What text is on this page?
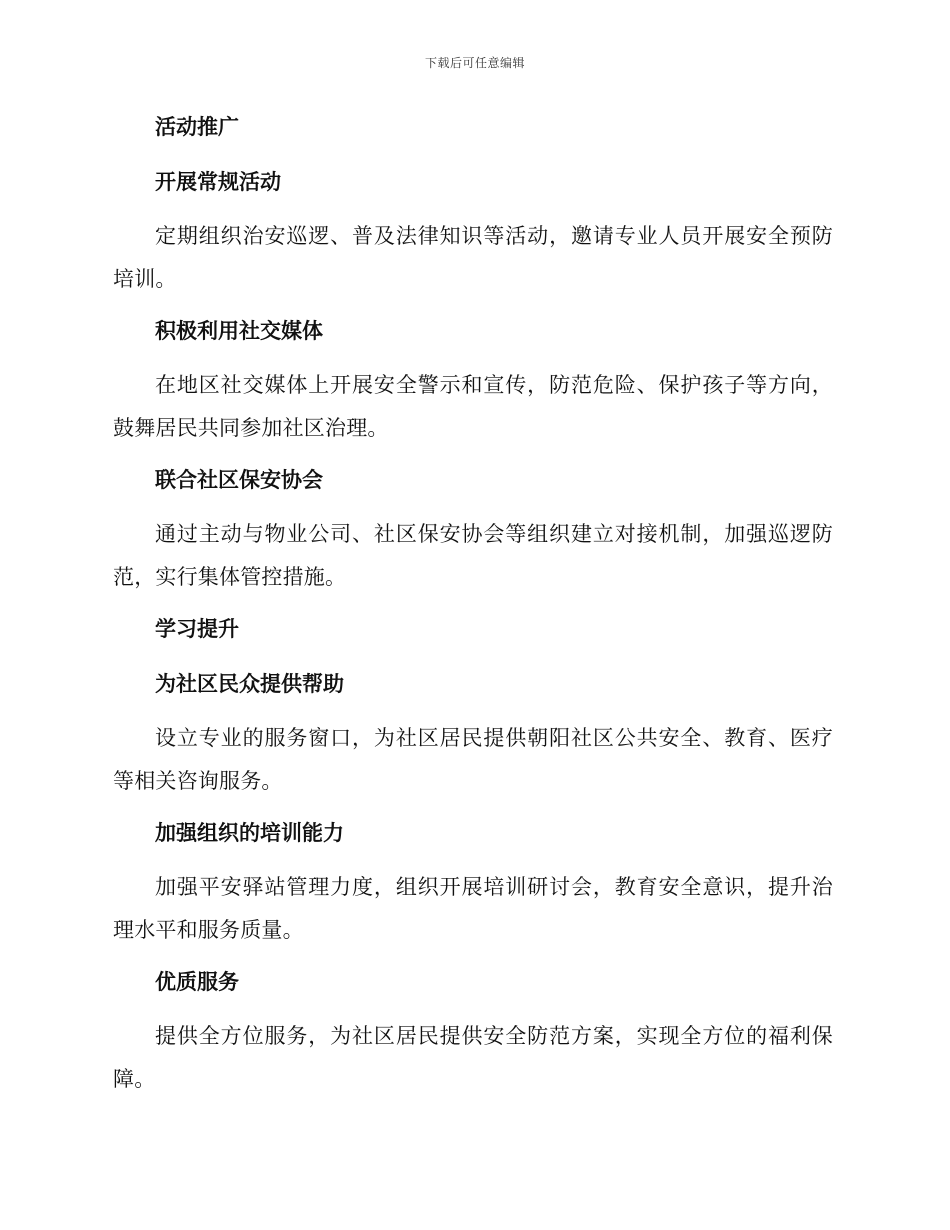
下载后可任意编辑
活动推广
开展常规活动

定期组织治安巡逻、普及法律知识等活动，邀请专业人员开展安全预防培训。

积极利用社交媒体

在地区社交媒体上开展安全警示和宣传，防范危险、保护孩子等方向，鼓舞居民共同参加社区治理。

联合社区保安协会

通过主动与物业公司、社区保安协会等组织建立对接机制，加强巡逻防范，实行集体管控措施。

学习提升
为社区民众提供帮助

设立专业的服务窗口，为社区居民提供朝阳社区公共安全、教育、医疗等相关咨询服务。

加强组织的培训能力

加强平安驿站管理力度，组织开展培训研讨会，教育安全意识，提升治理水平和服务质量。

优质服务

提供全方位服务，为社区居民提供安全防范方案，实现全方位的福利保障。
